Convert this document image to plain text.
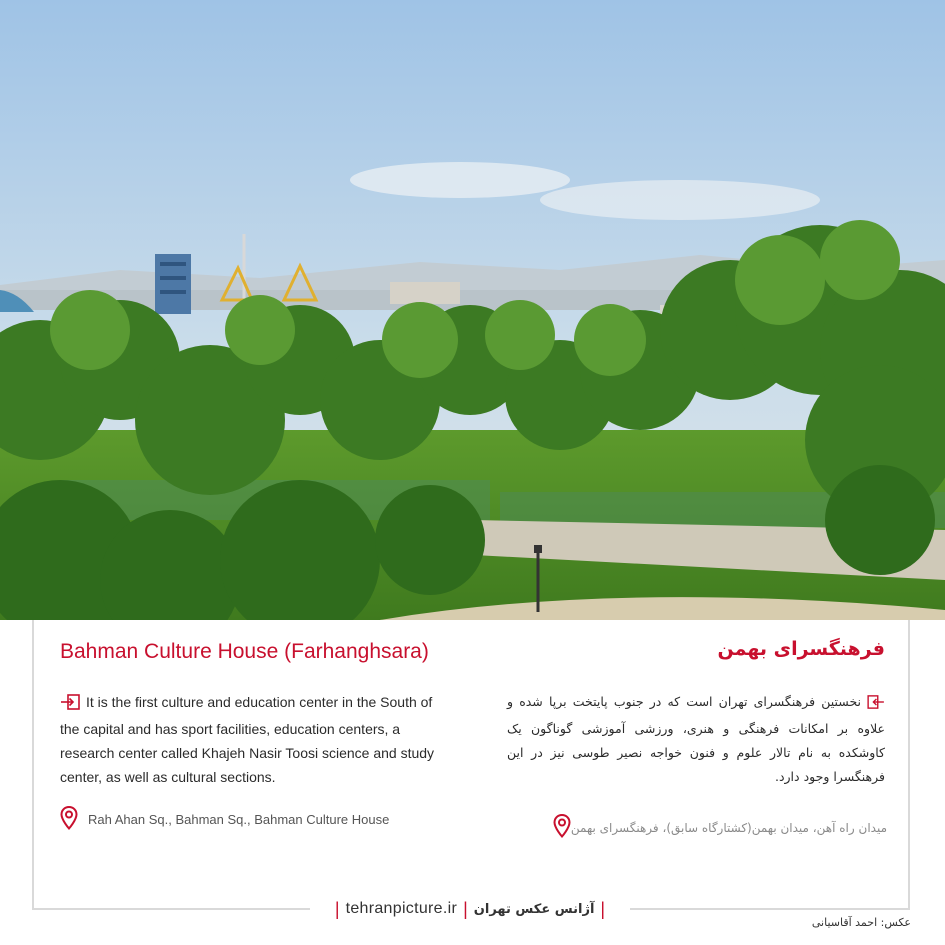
Bahman Culture House (Farhanghsara)	فرهنگسرای بهمن
It is the first culture and education center in the South of the capital and has sport facilities, education centers, a research center called Khajeh Nasir Toosi science and study center, as well as cultural sections.
نخستین فرهنگسرای تهران است که در جنوب پایتخت برپا شده و علاوه بر امکانات فرهنگی و هنری، ورزشی آموزشی گوناگون یک کاوشکده به نام تالار علوم و فنون خواجه نصیر طوسی نیز در این فرهنگسرا وجود دارد.
Rah Ahan Sq., Bahman Sq., Bahman Culture House
میدان راه آهن، میدان بهمن(کشتارگاه سابق)، فرهنگسرای بهمن
| tehranpicture.ir | آژانس عکس تهران |
عکس: احمد آقاسیانی
